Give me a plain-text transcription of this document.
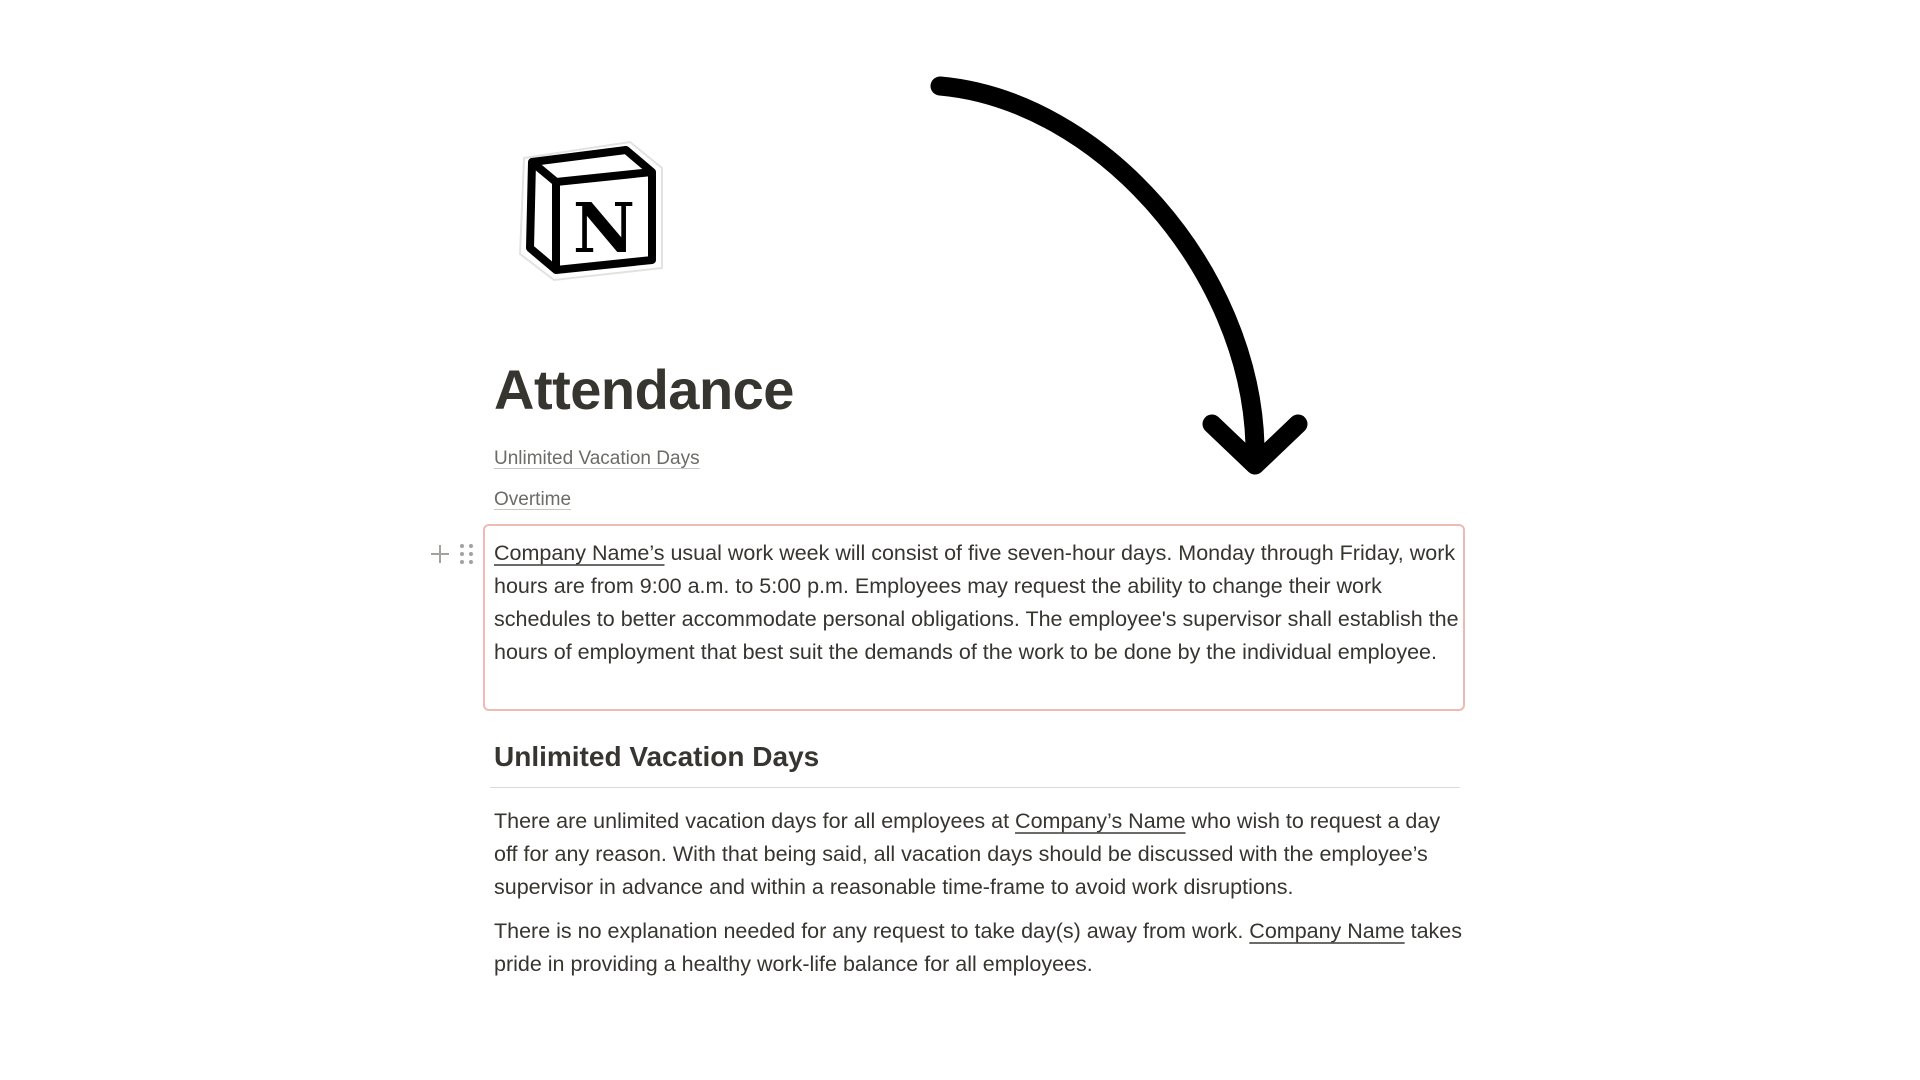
N
Attendance
Unlimited Vacation Days
Overtime

Company Name’s usual work week will consist of five seven-hour days. Monday through Friday, work hours are from 9:00 a.m. to 5:00 p.m. Employees may request the ability to change their work schedules to better accommodate personal obligations. The employee's supervisor shall establish the hours of employment that best suit the demands of the work to be done by the individual employee.

Unlimited Vacation Days

There are unlimited vacation days for all employees at Company’s Name who wish to request a day off for any reason. With that being said, all vacation days should be discussed with the employee’s supervisor in advance and within a reasonable time-frame to avoid work disruptions.

There is no explanation needed for any request to take day(s) away from work. Company Name takes pride in providing a healthy work-life balance for all employees.
